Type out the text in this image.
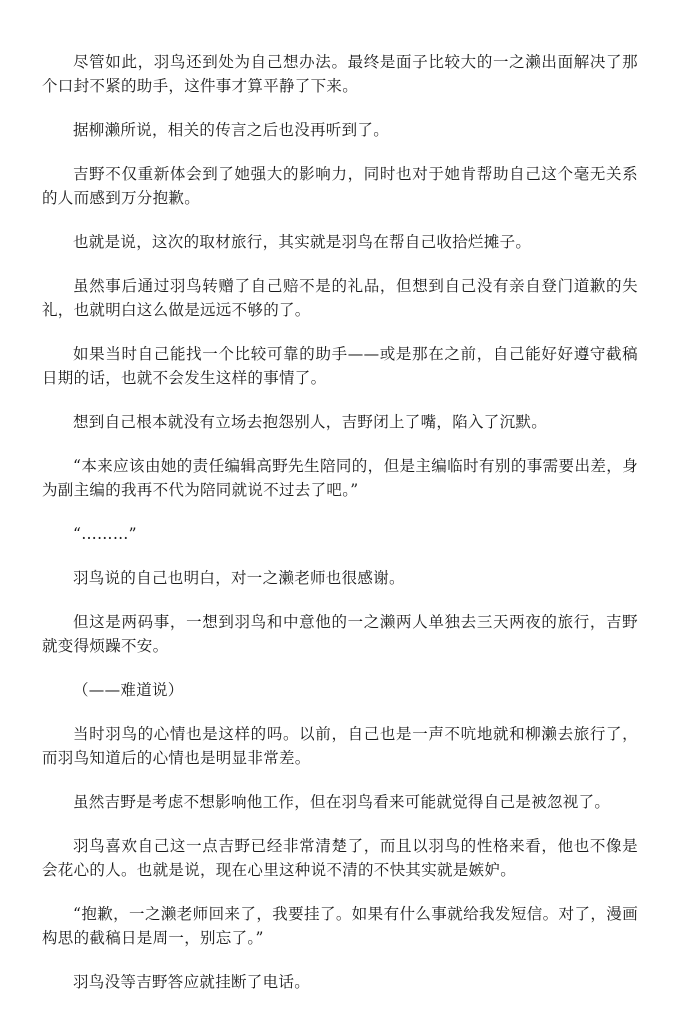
尽管如此，羽鸟还到处为自己想办法。最终是面子比较大的一之濑出面解决了那个口封不紧的助手，这件事才算平静了下来。

据柳濑所说，相关的传言之后也没再听到了。

吉野不仅重新体会到了她强大的影响力，同时也对于她肯帮助自己这个毫无关系的人而感到万分抱歉。

也就是说，这次的取材旅行，其实就是羽鸟在帮自己收拾烂摊子。

虽然事后通过羽鸟转赠了自己赔不是的礼品，但想到自己没有亲自登门道歉的失礼，也就明白这么做是远远不够的了。

如果当时自己能找一个比较可靠的助手——或是那在之前，自己能好好遵守截稿日期的话，也就不会发生这样的事情了。

想到自己根本就没有立场去抱怨别人，吉野闭上了嘴，陷入了沉默。

“本来应该由她的责任编辑高野先生陪同的，但是主编临时有别的事需要出差，身为副主编的我再不代为陪同就说不过去了吧。”

“………”

羽鸟说的自己也明白，对一之濑老师也很感谢。

但这是两码事，一想到羽鸟和中意他的一之濑两人单独去三天两夜的旅行，吉野就变得烦躁不安。

（——难道说）

当时羽鸟的心情也是这样的吗。以前，自己也是一声不吭地就和柳濑去旅行了，而羽鸟知道后的心情也是明显非常差。

虽然吉野是考虑不想影响他工作，但在羽鸟看来可能就觉得自己是被忽视了。

羽鸟喜欢自己这一点吉野已经非常清楚了，而且以羽鸟的性格来看，他也不像是会花心的人。也就是说，现在心里这种说不清的不快其实就是嫉妒。

“抱歉，一之濑老师回来了，我要挂了。如果有什么事就给我发短信。对了，漫画构思的截稿日是周一，别忘了。”

羽鸟没等吉野答应就挂断了电话。
